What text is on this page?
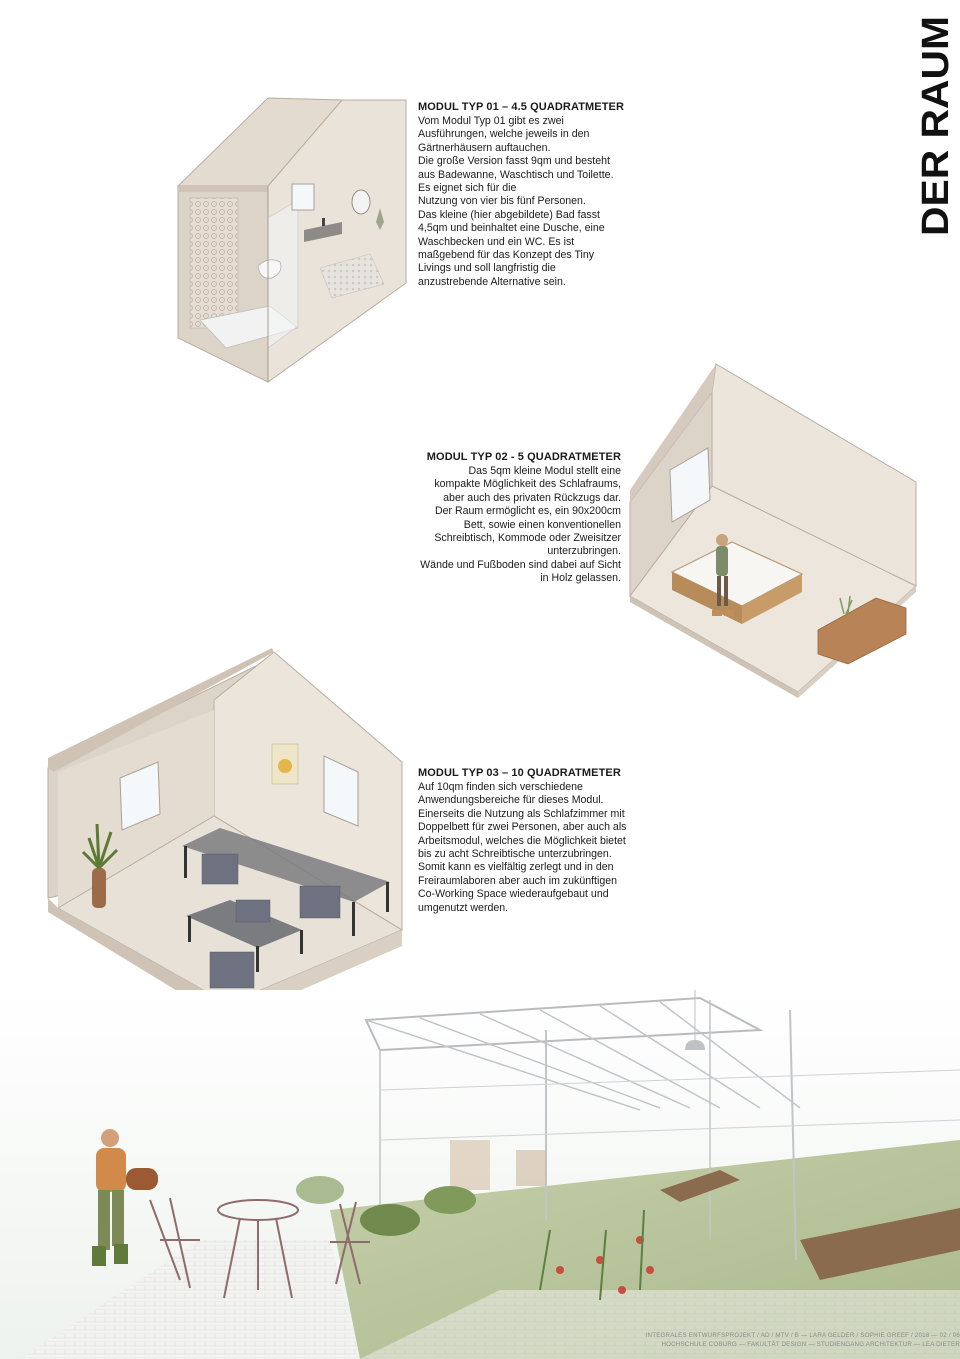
DER RAUM
MODUL TYP 01 – 4.5 QUADRATMETER

Vom Modul Typ 01 gibt es zwei

Ausführungen, welche jeweils in den

Gärtnerhäusern auftauchen.

Die große Version fasst 9qm und besteht

aus Badewanne, Waschtisch und Toilette.

Es eignet sich für die

Nutzung von vier bis fünf Personen.

Das kleine (hier abgebildete) Bad fasst

4,5qm und beinhaltet eine Dusche, eine

Waschbecken und ein WC. Es ist

maßgebend für das Konzept des Tiny

Livings und soll langfristig die

anzustrebende Alternative sein.

MODUL TYP 02 - 5 QUADRATMETER

Das 5qm kleine Modul stellt eine

kompakte Möglichkeit des Schlafraums,

aber auch des privaten Rückzugs dar.

Der Raum ermöglicht es, ein 90x200cm

Bett, sowie einen konventionellen

Schreibtisch, Kommode oder Zweisitzer

unterzubringen.

Wände und Fußboden sind dabei auf Sicht

in Holz gelassen.

MODUL TYP 03 – 10 QUADRATMETER

Auf 10qm finden sich verschiedene

Anwendungsbereiche für dieses Modul.

Einerseits die Nutzung als Schlafzimmer mit

Doppelbett für zwei Personen, aber auch als

Arbeitsmodul, welches die Möglichkeit bietet

bis zu acht Schreibtische unterzubringen.

Somit kann es vielfältig zerlegt und in den

Freiraumlaboren aber auch im zukünftigen

Co-Working Space wiederaufgebaut und

umgenutzt werden.

INTEGRALES ENTWURFSPROJEKT / AD / MTV / B — LARA GELDER / SOPHIE GREEF / 2018 — 02 / 06
HOCHSCHULE COBURG — FAKULTÄT DESIGN — STUDIENGANG ARCHITEKTUR — LEA DIETER
